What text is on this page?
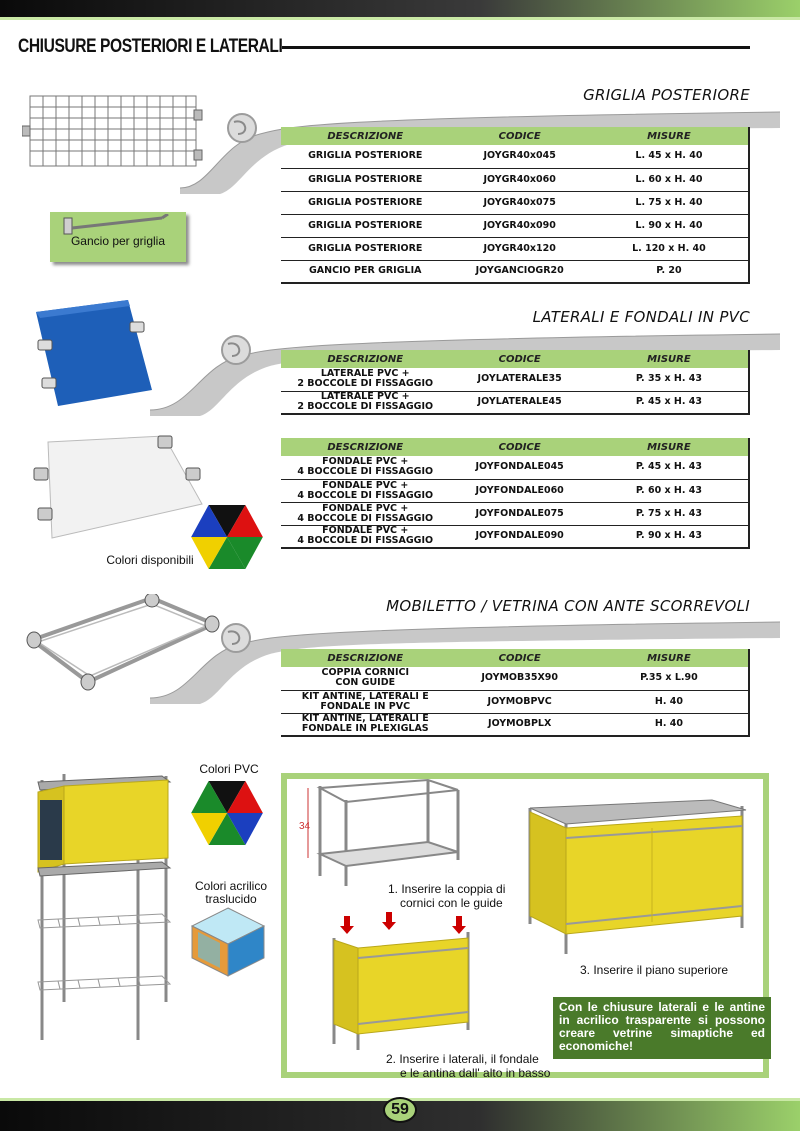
CHIUSURE POSTERIORI E LATERALI
GRIGLIA POSTERIORE
Gancio per griglia
DESCRIZIONE	CODICE	MISURE
GRIGLIA POSTERIORE	JOYGR40x045	L. 45 x H. 40
GRIGLIA POSTERIORE	JOYGR40x060	L. 60 x H. 40
GRIGLIA POSTERIORE	JOYGR40x075	L. 75 x H. 40
GRIGLIA POSTERIORE	JOYGR40x090	L. 90 x H. 40
GRIGLIA POSTERIORE	JOYGR40x120	L. 120 x H. 40
GANCIO PER GRIGLIA	JOYGANCIOGR20	P. 20
LATERALI E FONDALI IN PVC
Colori disponibili
DESCRIZIONE	CODICE	MISURE

LATERALE PVC +
2 BOCCOLE DI FISSAGGIO	JOYLATERALE35	P. 35 x H. 43

LATERALE PVC +
2 BOCCOLE DI FISSAGGIO	JOYLATERALE45	P. 45 x H. 43
DESCRIZIONE	CODICE	MISURE

FONDALE PVC +
4 BOCCOLE DI FISSAGGIO	JOYFONDALE045	P. 45 x H. 43

FONDALE PVC +
4 BOCCOLE DI FISSAGGIO	JOYFONDALE060	P. 60 x H. 43

FONDALE PVC +
4 BOCCOLE DI FISSAGGIO	JOYFONDALE075	P. 75 x H. 43

FONDALE PVC +
4 BOCCOLE DI FISSAGGIO	JOYFONDALE090	P. 90 x H. 43
MOBILETTO / VETRINA CON ANTE SCORREVOLI
DESCRIZIONE	CODICE	MISURE

COPPIA CORNICI
CON GUIDE	JOYMOB35X90	P.35 x L.90

KIT ANTINE, LATERALI E
FONDALE IN PVC	JOYMOBPVC	H. 40

KIT ANTINE, LATERALI E
FONDALE IN PLEXIGLAS	JOYMOBPLX	H. 40
Colori PVC
Colori acrilico
traslucido
34
1. Inserire la coppia di
cornici con le guide
2. Inserire i laterali, il fondale
e le antina dall' alto in basso
3. Inserire il piano superiore
Con le chiusure laterali e le antine in acrilico trasparente si possono creare vetrine simaptiche ed economiche!
59
